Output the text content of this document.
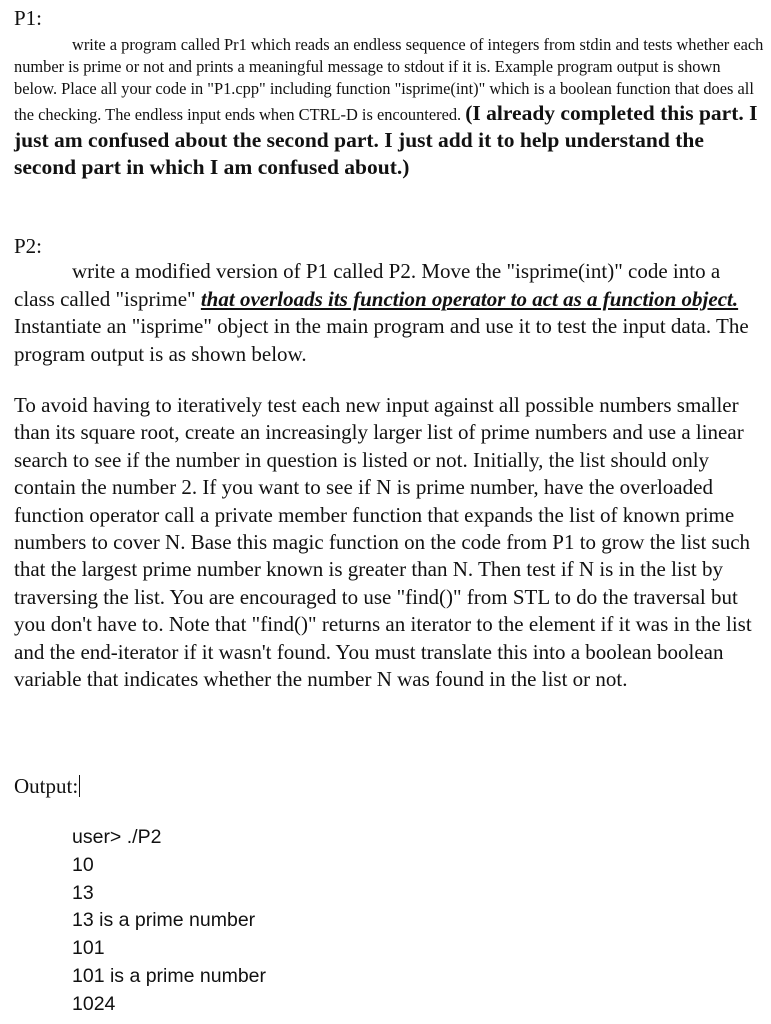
P1:

write a program called Pr1 which reads an endless sequence of integers from stdin and tests whether each number is prime or not and prints a meaningful message to stdout if it is. Example program output is shown below. Place all your code in "P1.cpp" including function "isprime(int)" which is a boolean function that does all the checking. The endless input ends when CTRL-D is encountered. (I already completed this part. I just am confused about the second part. I just add it to help understand the second part in which I am confused about.)

P2:

write a modified version of P1 called P2. Move the "isprime(int)" code into a class called "isprime" that overloads its function operator to act as a function object. Instantiate an "isprime" object in the main program and use it to test the input data. The program output is as shown below.

To avoid having to iteratively test each new input against all possible numbers smaller than its square root, create an increasingly larger list of prime numbers and use a linear search to see if the number in question is listed or not. Initially, the list should only contain the number 2. If you want to see if N is prime number, have the overloaded function operator call a private member function that expands the list of known prime numbers to cover N. Base this magic function on the code from P1 to grow the list such that the largest prime number known is greater than N. Then test if N is in the list by traversing the list. You are encouraged to use "find()" from STL to do the traversal but you don't have to. Note that "find()" returns an iterator to the element if it was in the list and the end-iterator if it wasn't found. You must translate this into a boolean boolean variable that indicates whether the number N was found in the list or not.

Output:

user> ./P2
10
13
13 is a prime number
101
101 is a prime number
1024
